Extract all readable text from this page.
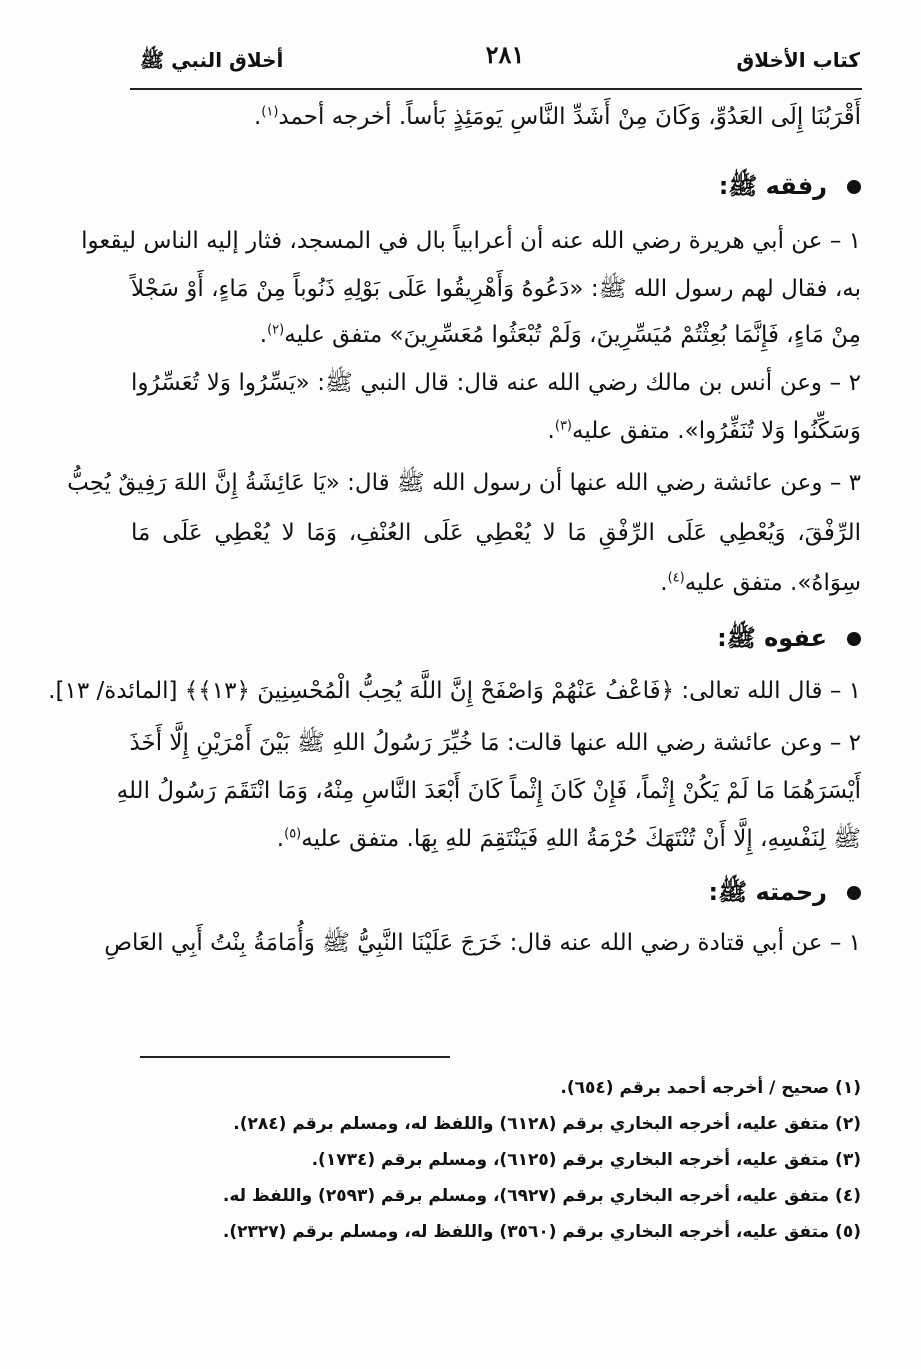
كتاب الأخلاق
٢٨١
أخلاق النبي ﷺ
أَقْرَبُنَا إِلَى العَدُوِّ، وَكَانَ مِنْ أَشَدِّ النَّاسِ يَومَئِذٍ بَأساً. أخرجه أحمد$^{(١)}$.
رفقه ﷺ:
١ – عن أبي هريرة رضي الله عنه أن أعرابياً بال في المسجد، فثار إليه الناس ليقعوا
به، فقال لهم رسول الله ﷺ: «دَعُوهُ وَأَهْرِيقُوا عَلَى بَوْلِهِ ذَنُوباً مِنْ مَاءٍ، أَوْ سَجْلاً
مِنْ مَاءٍ، فَإِنَّمَا بُعِثْتُمْ مُيَسِّرِينَ، وَلَمْ تُبْعَثُوا مُعَسِّرِينَ» متفق عليه$^{(٢)}$.
٢ – وعن أنس بن مالك رضي الله عنه قال: قال النبي ﷺ: «يَسِّرُوا وَلا تُعَسِّرُوا
وَسَكِّنُوا وَلا تُنَفِّرُوا». متفق عليه$^{(٣)}$.
٣ – وعن عائشة رضي الله عنها أن رسول الله ﷺ قال: «يَا عَائِشَةُ إِنَّ اللهَ رَفِيقٌ يُحِبُّ
الرِّفْقَ، وَيُعْطِي عَلَى الرِّفْقِ مَا لا يُعْطِي عَلَى العُنْفِ، وَمَا لا يُعْطِي عَلَى مَا
سِوَاهُ». متفق عليه$^{(٤)}$.
عفوه ﷺ:
١ – قال الله تعالى: ﴿فَاعْفُ عَنْهُمْ وَاصْفَحْ إِنَّ اللَّهَ يُحِبُّ الْمُحْسِنِينَ ﴿١٣﴾﴾ [المائدة/ ١٣].
٢ – وعن عائشة رضي الله عنها قالت: مَا خُيِّرَ رَسُولُ اللهِ ﷺ بَيْنَ أَمْرَيْنِ إِلَّا أَخَذَ
أَيْسَرَهُمَا مَا لَمْ يَكُنْ إِثْماً، فَإِنْ كَانَ إِثْماً كَانَ أَبْعَدَ النَّاسِ مِنْهُ، وَمَا انْتَقَمَ رَسُولُ اللهِ
ﷺ لِنَفْسِهِ، إِلَّا أَنْ تُنْتَهَكَ حُرْمَةُ اللهِ فَيَنْتَقِمَ للهِ بِهَا. متفق عليه$^{(٥)}$.
رحمته ﷺ:
١ – عن أبي قتادة رضي الله عنه قال: خَرَجَ عَلَيْنَا النَّبِيُّ ﷺ وَأُمَامَةُ بِنْتُ أَبِي العَاصِ
(١) صحيح / أخرجه أحمد برقم (٦٥٤).
(٢) متفق عليه، أخرجه البخاري برقم (٦١٢٨) واللفظ له، ومسلم برقم (٢٨٤).
(٣) متفق عليه، أخرجه البخاري برقم (٦١٢٥)، ومسلم برقم (١٧٣٤).
(٤) متفق عليه، أخرجه البخاري برقم (٦٩٢٧)، ومسلم برقم (٢٥٩٣) واللفظ له.
(٥) متفق عليه، أخرجه البخاري برقم (٣٥٦٠) واللفظ له، ومسلم برقم (٢٣٢٧).
